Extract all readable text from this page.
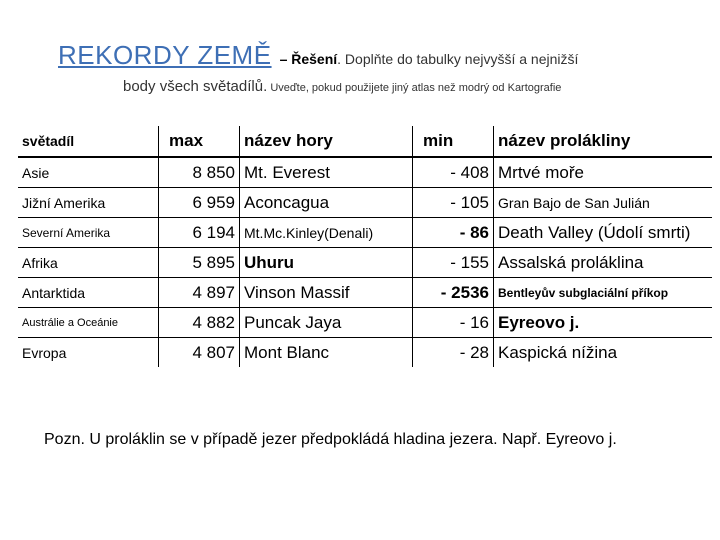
REKORDY ZEMĚ – Řešení. Doplňte do tabulky nejvyšší a nejnižší
body všech světadílů. Uveďte, pokud použijete jiný atlas než modrý od Kartografie
světadíl	max	název hory	min	název prolákliny
Asie	8 850	Mt. Everest	- 408	Mrtvé moře
Jižní Amerika	6 959	Aconcagua	- 105	Gran Bajo de San Julián
Severní Amerika	6 194	Mt.Mc.Kinley(Denali)	- 86	Death Valley (Údolí smrti)
Afrika	5 895	Uhuru	- 155	Assalská proláklina
Antarktida	4 897	Vinson Massif	- 2536	Bentleyův subglaciální příkop
Austrálie a Oceánie	4 882	Puncak Jaya	- 16	Eyreovo j.
Evropa	4 807	Mont Blanc	- 28	Kaspická nížina
Pozn. U proláklin se v případě jezer předpokládá hladina jezera. Např. Eyreovo j.
